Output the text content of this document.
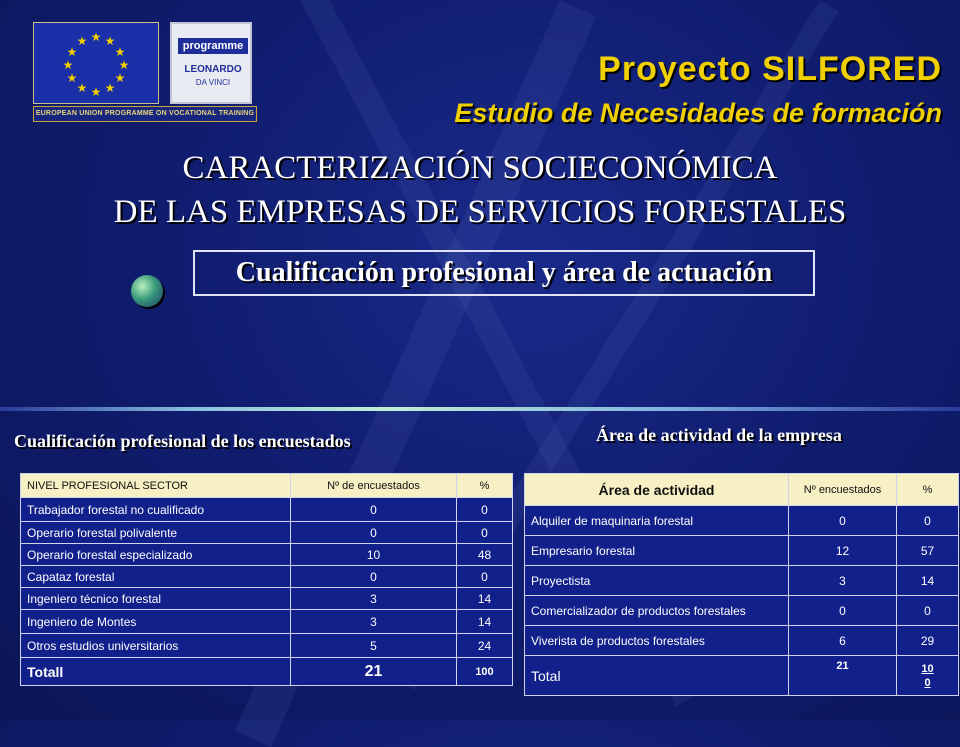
★ ★
★
★
★
★
★
★
★
★
★
★
EUROPEAN UNION PROGRAMME ON VOCATIONAL TRAINING
programme
LEONARDO
DA VINCI	Proyecto SILFORED
Estudio de Necesidades de formación
CARACTERIZACIÓN SOCIECONÓMICA
DE LAS EMPRESAS DE SERVICIOS FORESTALES
Cualificación profesional y área de actuación
Cualificación profesional de los encuestados
NIVEL PROFESIONAL SECTOR	Nº de encuestados	%
Trabajador forestal no cualificado	0	0
Operario forestal polivalente	0	0
Operario forestal especializado	10	48
Capataz forestal	0	0
Ingeniero técnico forestal	3	14
Ingeniero de Montes	3	14
Otros estudios universitarios	5	24
Totall	21	100
Área de actividad de la empresa
Área de actividad	Nº encuestados	%
Alquiler de maquinaria forestal	0	0
Empresario forestal	12	57
Proyectista	3	14
Comercializador de productos forestales	0	0
Viverista de productos forestales	6	29
Total	21	10
0
